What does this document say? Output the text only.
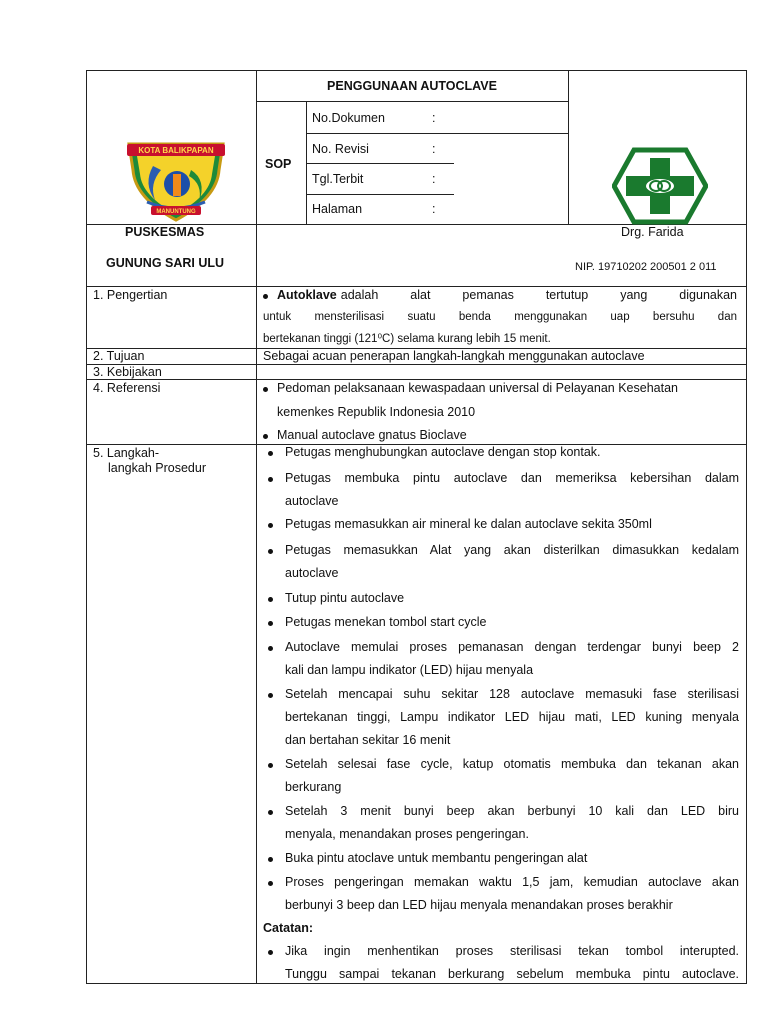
KOTA BALIKPAPAN
MANUNTUNG
PENGGUNAAN AUTOCLAVE
SOP
No.Dokumen	:
No. Revisi	:
Tgl.Terbit	:
Halaman	:
PUSKESMAS
GUNUNG SARI ULU
Drg. Farida
NIP. 19710202 200501 2 011
1. Pengertian	Autoklave adalah  alat  pemanas  tertutup  yang  digunakan
untuk mensterilisasi suatu benda menggunakan uap bersuhu dan
bertekanan tinggi (121⁰C) selama kurang lebih 15 menit.
2. Tujuan	Sebagai acuan penerapan langkah-langkah menggunakan autoclave
3. Kebijakan
4. Referensi	Pedoman pelaksanaan kewaspadaan universal di Pelayanan Kesehatan
kemenkes Republik Indonesia 2010
Manual autoclave gnatus Bioclave
5. Langkah-
langkah Prosedur
Petugas menghubungkan autoclave dengan stop kontak.
Petugas membuka pintu autoclave dan memeriksa kebersihan dalam
autoclave
Petugas memasukkan air mineral ke dalan autoclave sekita 350ml
Petugas memasukkan Alat yang akan disterilkan dimasukkan kedalam
autoclave
Tutup pintu autoclave
Petugas menekan tombol start cycle
Autoclave memulai proses pemanasan dengan terdengar bunyi beep 2
kali dan lampu indikator (LED) hijau menyala
Setelah mencapai suhu sekitar 128 autoclave memasuki fase sterilisasi
bertekanan tinggi, Lampu indikator LED hijau mati, LED kuning menyala
dan bertahan sekitar 16 menit
Setelah selesai fase cycle, katup otomatis membuka dan tekanan akan
berkurang
Setelah 3 menit bunyi beep akan berbunyi 10 kali dan LED biru
menyala, menandakan proses pengeringan.
Buka pintu atoclave untuk membantu pengeringan alat
Proses pengeringan memakan waktu 1,5 jam, kemudian autoclave akan
berbunyi 3 beep dan LED hijau menyala menandakan proses berakhir
Catatan:
Jika ingin menhentikan proses sterilisasi tekan tombol interupted.
Tunggu sampai tekanan berkurang sebelum membuka pintu autoclave.
